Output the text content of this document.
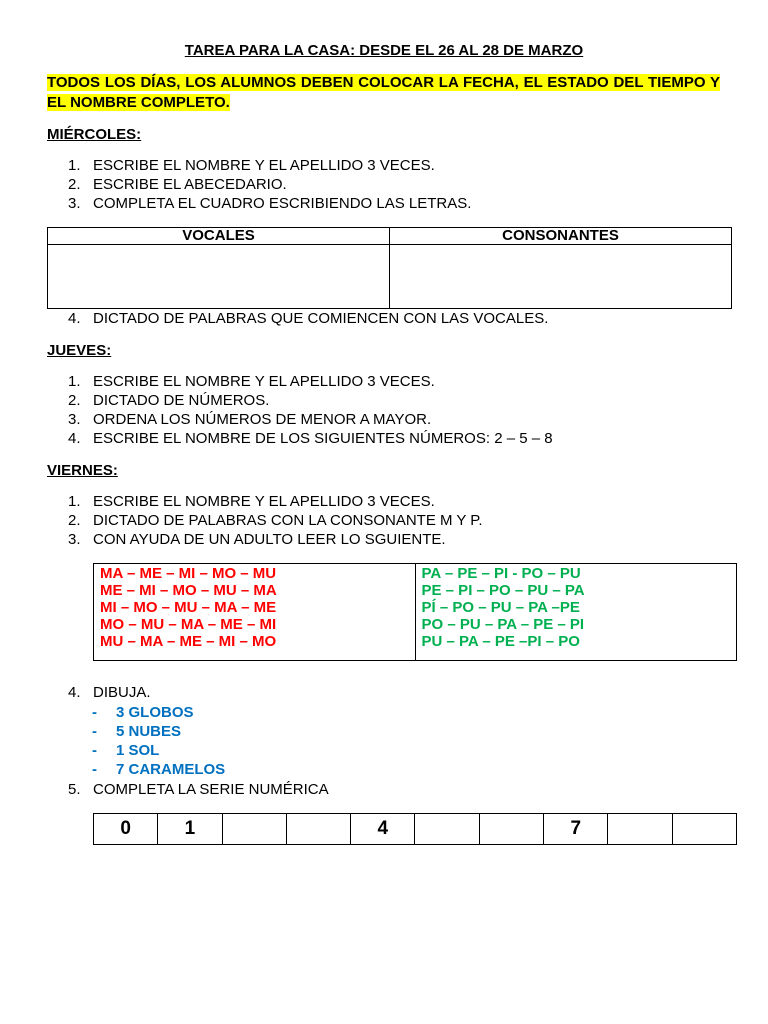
TAREA PARA LA CASA: DESDE EL 26 AL 28 DE MARZO
TODOS LOS DÍAS, LOS ALUMNOS DEBEN COLOCAR LA FECHA, EL ESTADO DEL TIEMPO Y EL NOMBRE COMPLETO.
MIÉRCOLES:
1. ESCRIBE EL NOMBRE Y EL APELLIDO 3 VECES.
2. ESCRIBE EL ABECEDARIO.
3. COMPLETA EL CUADRO ESCRIBIENDO LAS LETRAS.
VOCALES	CONSONANTES

4. DICTADO DE PALABRAS QUE COMIENCEN CON LAS VOCALES.
JUEVES:
1. ESCRIBE EL NOMBRE Y EL APELLIDO 3 VECES.
2. DICTADO DE NÚMEROS.
3. ORDENA LOS NÚMEROS DE MENOR A MAYOR.
4. ESCRIBE EL NOMBRE DE LOS SIGUIENTES NÚMEROS: 2 – 5 – 8
VIERNES:
1. ESCRIBE EL NOMBRE Y EL APELLIDO 3 VECES.
2. DICTADO DE PALABRAS CON LA CONSONANTE M Y P.
3. CON AYUDA DE UN ADULTO LEER LO SGUIENTE.
MA – ME – MI – MO – MU
ME – MI – MO – MU – MA
MI – MO – MU – MA – ME
MO – MU – MA – ME – MI
MU – MA – ME – MI – MO

PA – PE – PI - PO – PU
PE – PI – PO – PU – PA
PÍ – PO – PU – PA –PE
PO – PU – PA – PE – PI
PU – PA – PE –PI – PO
4. DIBUJA.
- 3 GLOBOS
- 5 NUBES
- 1 SOL
- 7 CARAMELOS
5. COMPLETA LA SERIE NUMÉRICA
0	1			4			7		
